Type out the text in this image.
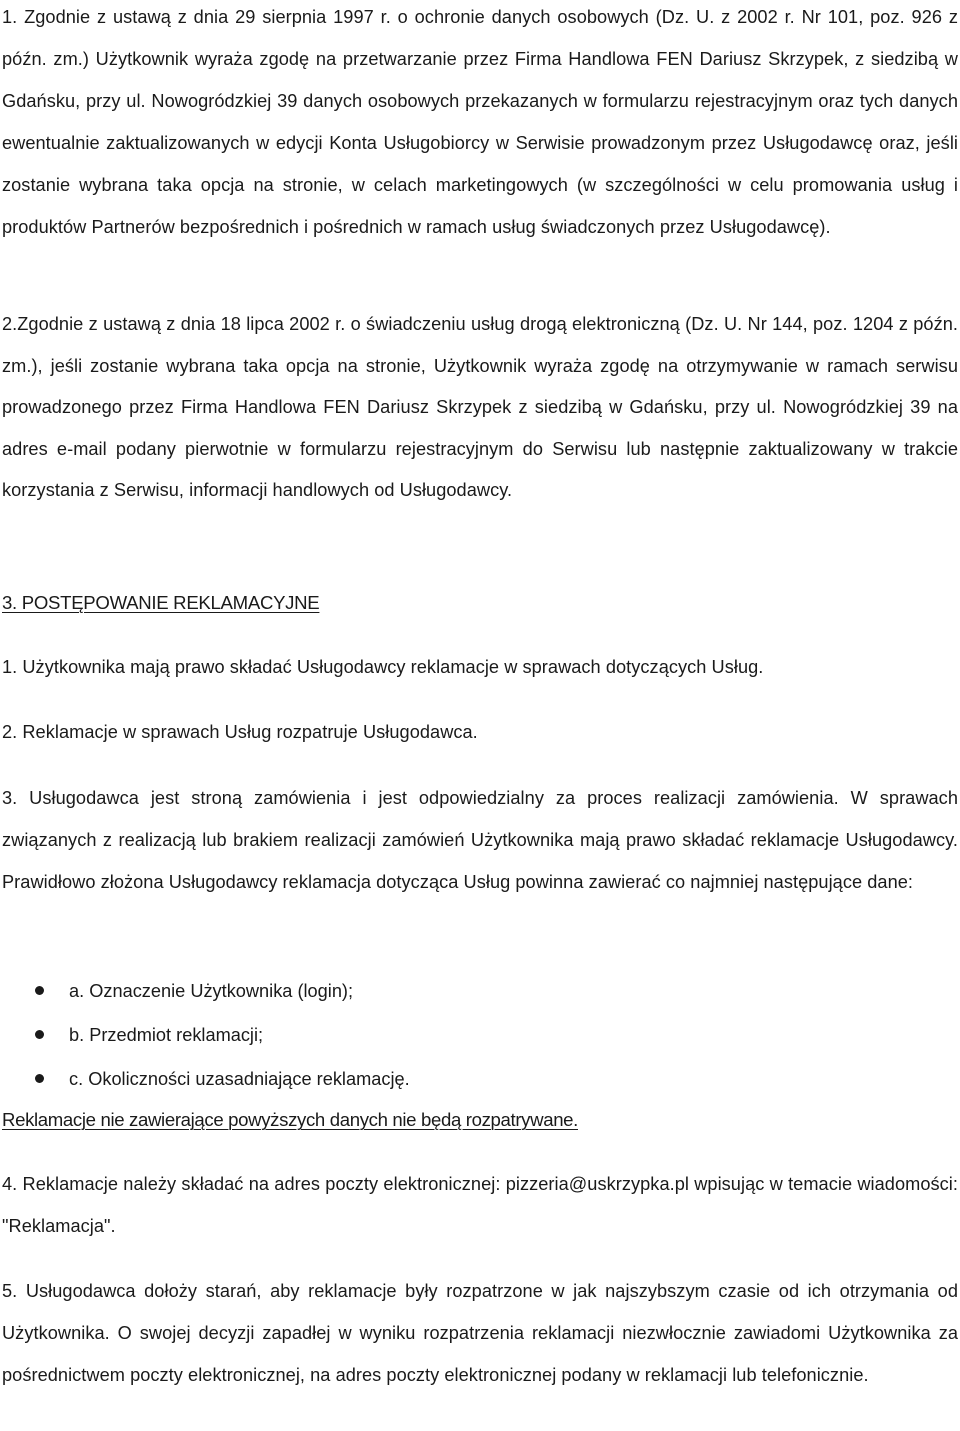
1. Zgodnie z ustawą z dnia 29 sierpnia 1997 r. o ochronie danych osobowych (Dz. U. z 2002 r. Nr 101, poz. 926 z późn. zm.) Użytkownik wyraża zgodę na przetwarzanie przez Firma Handlowa FEN Dariusz Skrzypek, z siedzibą w Gdańsku, przy ul. Nowogródzkiej 39 danych osobowych przekazanych w formularzu rejestracyjnym oraz tych danych ewentualnie zaktualizowanych w edycji Konta Usługobiorcy w Serwisie prowadzonym przez Usługodawcę oraz, jeśli zostanie wybrana taka opcja na stronie, w celach marketingowych (w szczególności w celu promowania usług i produktów Partnerów bezpośrednich i pośrednich w ramach usług świadczonych przez Usługodawcę).

2.Zgodnie z ustawą z dnia 18 lipca 2002 r. o świadczeniu usług drogą elektroniczną (Dz. U. Nr 144, poz. 1204 z późn. zm.), jeśli zostanie wybrana taka opcja na stronie, Użytkownik wyraża zgodę na otrzymywanie w ramach serwisu prowadzonego przez Firma Handlowa FEN Dariusz Skrzypek z siedzibą w Gdańsku, przy ul. Nowogródzkiej 39 na adres e-mail podany pierwotnie w formularzu rejestracyjnym do Serwisu lub następnie zaktualizowany w trakcie korzystania z Serwisu, informacji handlowych od Usługodawcy.

3. POSTĘPOWANIE REKLAMACYJNE

1. Użytkownika mają prawo składać Usługodawcy reklamacje w sprawach dotyczących Usług.

2. Reklamacje w sprawach Usług rozpatruje Usługodawca.

3. Usługodawca jest stroną zamówienia i jest odpowiedzialny za proces realizacji zamówienia. W sprawach związanych z realizacją lub brakiem realizacji zamówień Użytkownika mają prawo składać reklamacje Usługodawcy. Prawidłowo złożona Usługodawcy reklamacja dotycząca Usług powinna zawierać co najmniej następujące dane:

a. Oznaczenie Użytkownika (login);
b. Przedmiot reklamacji;
c. Okoliczności uzasadniające reklamację.

Reklamacje nie zawierające powyższych danych nie będą rozpatrywane.

4. Reklamacje należy składać na adres poczty elektronicznej: pizzeria@uskrzypka.pl wpisując w temacie wiadomości: "Reklamacja".

5. Usługodawca dołoży starań, aby reklamacje były rozpatrzone w jak najszybszym czasie od ich otrzymania od Użytkownika. O swojej decyzji zapadłej w wyniku rozpatrzenia reklamacji niezwłocznie zawiadomi Użytkownika za pośrednictwem poczty elektronicznej, na adres poczty elektronicznej podany w reklamacji lub telefonicznie.
